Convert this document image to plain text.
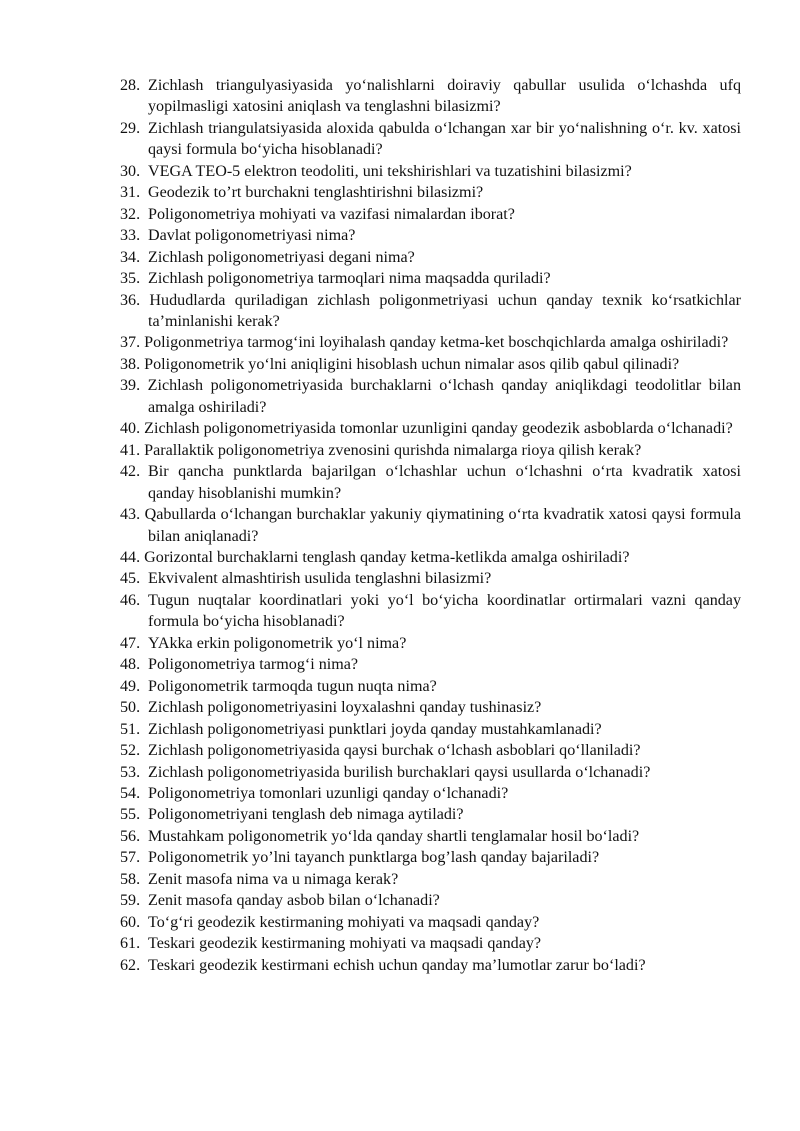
28. Zichlash triangulyasiyasida yo‘nalishlarni doiraviy qabullar usulida o‘lchashda ufq yopilmasligi xatosini aniqlash va tenglashni bilasizmi?
29. Zichlash triangulatsiyasida aloxida qabulda o‘lchangan xar bir yo‘nalishning o‘r. kv. xatosi qaysi formula bo‘yicha hisoblanadi?
30. VEGA TEO-5 elektron teodoliti, uni tekshirishlari va tuzatishini bilasizmi?
31. Geodezik to’rt burchakni tenglashtirishni bilasizmi?
32. Poligonometriya mohiyati va vazifasi nimalardan iborat?
33. Davlat poligonometriyasi nima?
34. Zichlash poligonometriyasi degani nima?
35. Zichlash poligonometriya tarmoqlari nima maqsadda quriladi?
36. Hududlarda quriladigan zichlash poligonmetriyasi uchun qanday texnik ko‘rsatkichlar ta’minlanishi kerak?
37. Poligonmetriya tarmog‘ini loyihalash qanday ketma-ket boschqichlarda amalga oshiriladi?
38. Poligonometrik yo‘lni aniqligini hisoblash uchun nimalar asos qilib qabul qilinadi?
39. Zichlash poligonometriyasida burchaklarni o‘lchash qanday aniqlikdagi teodolitlar bilan amalga oshiriladi?
40. Zichlash poligonometriyasida tomonlar uzunligini qanday geodezik asboblarda o‘lchanadi?
41. Parallaktik poligonometriya zvenosini qurishda nimalarga rioya qilish kerak?
42. Bir qancha punktlarda bajarilgan o‘lchashlar uchun o‘lchashni o‘rta kvadratik xatosi qanday hisoblanishi mumkin?
43. Qabullarda o‘lchangan burchaklar yakuniy qiymatining o‘rta kvadratik xatosi qaysi formula bilan aniqlanadi?
44. Gorizontal burchaklarni tenglash qanday ketma-ketlikda amalga oshiriladi?
45. Ekvivalent almashtirish usulida tenglashni bilasizmi?
46. Tugun nuqtalar koordinatlari yoki yo‘l bo‘yicha koordinatlar ortirmalari vazni qanday formula bo‘yicha hisoblanadi?
47. YAkka erkin poligonometrik yo‘l nima?
48. Poligonometriya tarmog‘i nima?
49. Poligonometrik tarmoqda tugun nuqta nima?
50. Zichlash poligonometriyasini loyxalashni qanday tushinasiz?
51. Zichlash poligonometriyasi punktlari joyda qanday mustahkamlanadi?
52. Zichlash poligonometriyasida qaysi burchak o‘lchash asboblari qo‘llaniladi?
53. Zichlash poligonometriyasida burilish burchaklari qaysi usullarda o‘lchanadi?
54. Poligonometriya tomonlari uzunligi qanday o‘lchanadi?
55. Poligonometriyani tenglash deb nimaga aytiladi?
56. Mustahkam poligonometrik yo‘lda qanday shartli tenglamalar hosil bo‘ladi?
57. Poligonometrik yo’lni tayanch punktlarga bog’lash qanday bajariladi?
58. Zenit masofa nima va u nimaga kerak?
59. Zenit masofa qanday asbob bilan o‘lchanadi?
60. To‘g‘ri geodezik kestirmaning mohiyati va maqsadi qanday?
61. Teskari geodezik kestirmaning mohiyati va maqsadi qanday?
62. Teskari geodezik kestirmani echish uchun qanday ma’lumotlar zarur bo‘ladi?
